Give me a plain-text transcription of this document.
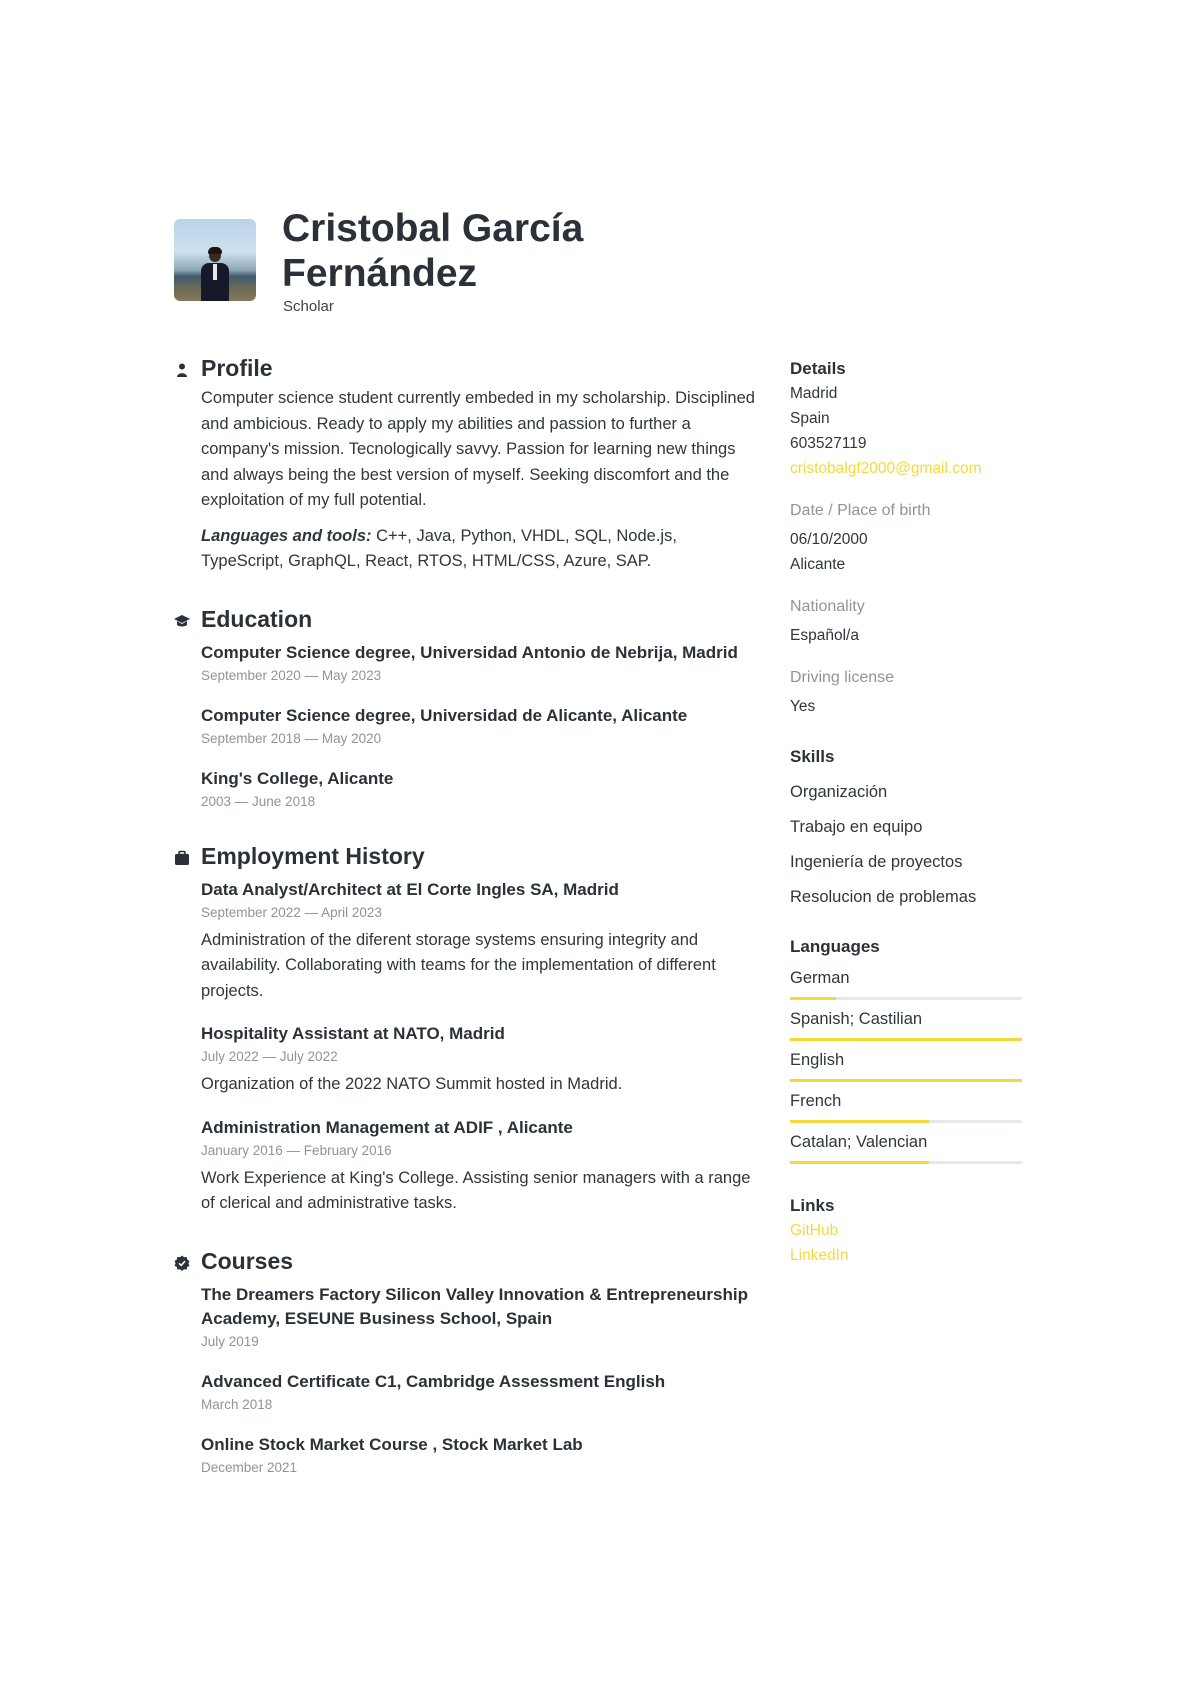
Cristobal García
Fernández
Scholar
Profile

Computer science student currently embeded in my scholarship. Disciplined and ambicious. Ready to apply my abilities and passion to further a company's mission. Tecnologically savvy. Passion for learning new things and always being the best version of myself. Seeking discomfort and the exploitation of my full potential.

Languages and tools: C++, Java, Python, VHDL, SQL, Node.js, TypeScript, GraphQL, React, RTOS, HTML/CSS, Azure, SAP.

Education
Computer Science degree, Universidad Antonio de Nebrija, Madrid
September 2020 — May 2023
Computer Science degree, Universidad de Alicante, Alicante
September 2018 — May 2020
King's College, Alicante
2003 — June 2018
Employment History
Data Analyst/Architect at El Corte Ingles SA, Madrid
September 2022 — April 2023
Administration of the diferent storage systems ensuring integrity and availability. Collaborating with teams for the implementation of different projects.
Hospitality Assistant at NATO, Madrid
July 2022 — July 2022
Organization of the 2022 NATO Summit hosted in Madrid.
Administration Management at ADIF , Alicante
January 2016 — February 2016
Work Experience at King's College. Assisting senior managers with a range of clerical and administrative tasks.
Courses
The Dreamers Factory Silicon Valley Innovation & Entrepreneurship Academy, ESEUNE Business School, Spain
July 2019
Advanced Certificate C1, Cambridge Assessment English
March 2018
Online Stock Market Course , Stock Market Lab
December 2021
Details
Madrid
Spain
603527119
cristobalgf2000@gmail.com
Date / Place of birth
06/10/2000
Alicante
Nationality
Español/a
Driving license
Yes
Skills
Organización
Trabajo en equipo
Ingeniería de proyectos
Resolucion de problemas
Languages
German
Spanish; Castilian
English
French
Catalan; Valencian
Links
GitHub
LinkedIn
